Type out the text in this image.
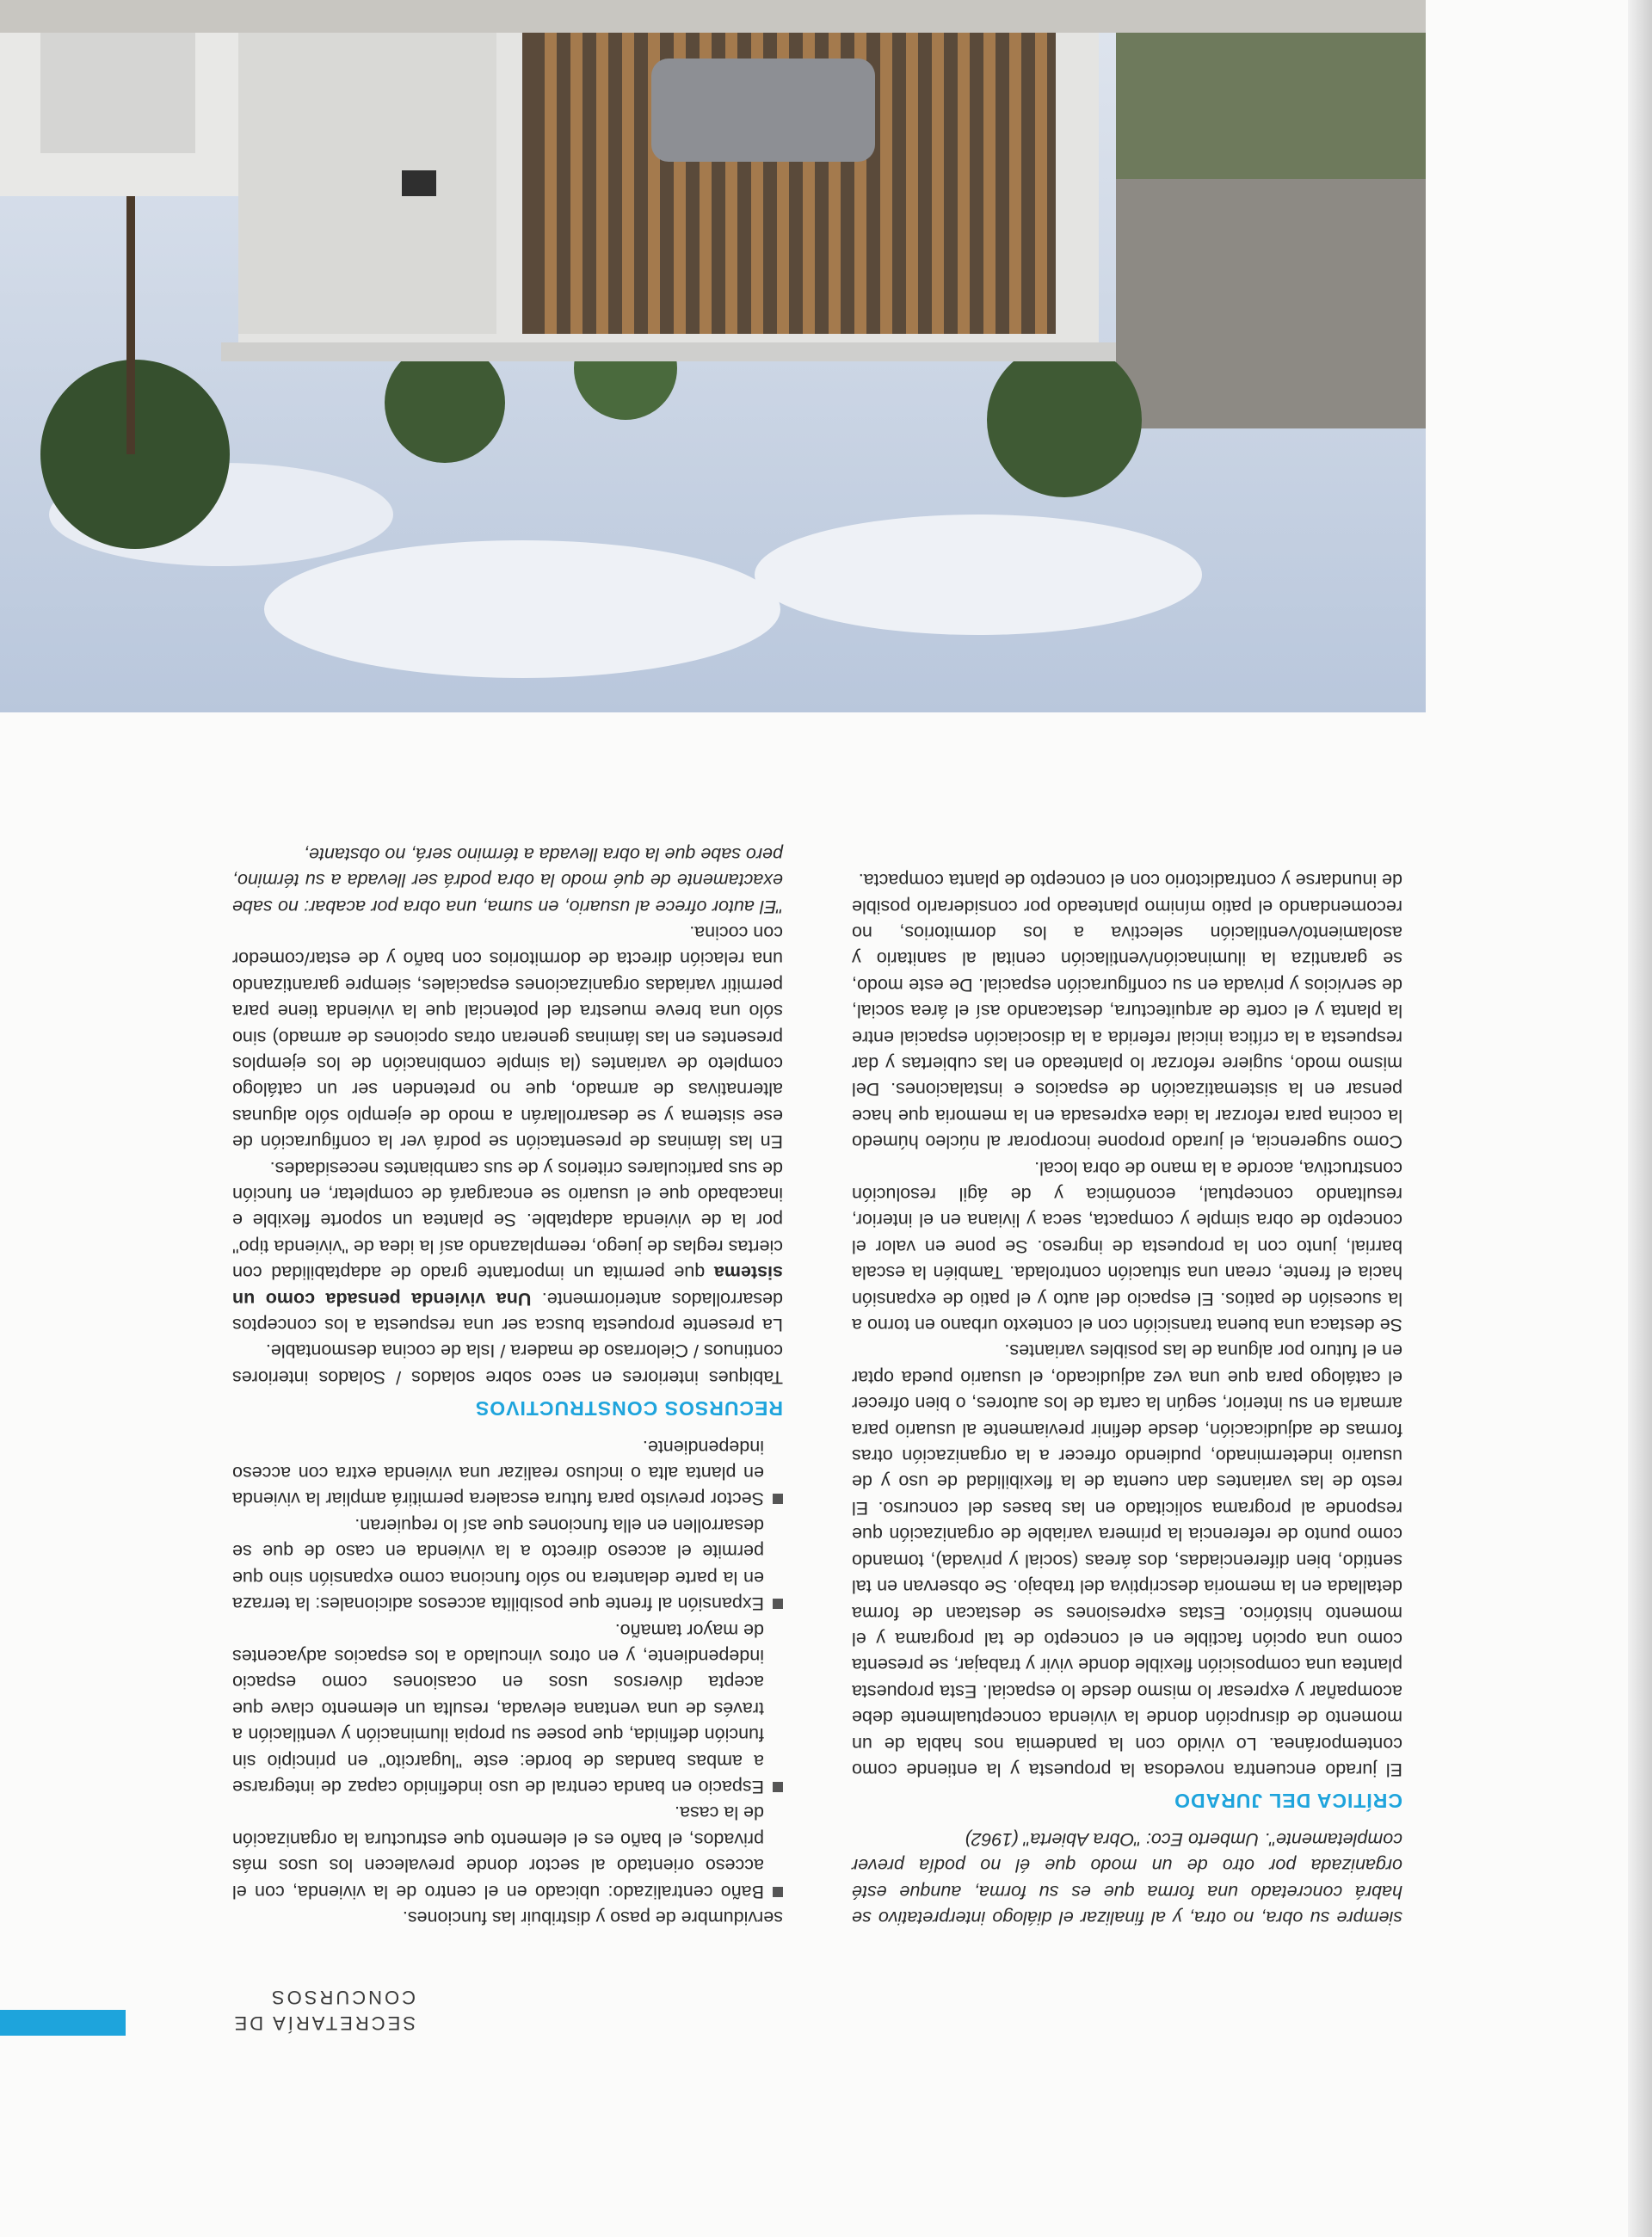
SECRETARÍA DE CONCURSOS

siempre su obra, no otra, y al finalizar el diálogo interpretativo se habrá concretado una forma que es su forma, aunque esté organizada por otro de un modo que él no podía prever completamente". Umberto Eco: "Obra Abierta" (1962)

CRÍTICA DEL JURADO

El jurado encuentra novedosa la propuesta y la entiende como contemporánea. Lo vivido con la pandemia nos habla de un momento de disrupción donde la vivienda conceptualmente debe acompañar y expresar lo mismo desde lo espacial. Esta propuesta plantea una composición flexible donde vivir y trabajar, se presenta como una opción factible en el concepto de tal programa y el momento histórico. Estas expresiones se destacan de forma detallada en la memoria descriptiva del trabajo. Se observan en tal sentido, bien diferenciadas, dos áreas (social y privada), tomando como punto de referencia la primera variable de organización que responde al programa solicitado en las bases del concurso. El resto de las variantes dan cuenta de la flexibilidad de uso y de usuario indeterminado, pudiendo ofrecer a la organización otras formas de adjudicación, desde definir previamente al usuario para armarla en su interior, según la carta de los autores, o bien ofrecer el catálogo para que una vez adjudicado, el usuario pueda optar en el futuro por alguna de las posibles variantes.

Se destaca una buena transición con el contexto urbano en torno a la sucesión de patios. El espacio del auto y el patio de expansión hacia el frente, crean una situación controlada. También la escala barrial, junto con la propuesta de ingreso. Se pone en valor el concepto de obra simple y compacta, seca y liviana en el interior, resultando conceptual, económica y de ágil resolución constructiva, acorde a la mano de obra local.

Como sugerencia, el jurado propone incorporar al núcleo húmedo la cocina para reforzar la idea expresada en la memoria que hace pensar en la sistematización de espacios e instalaciones. Del mismo modo, sugiere reforzar lo planteado en las cubiertas y dar respuesta a la crítica inicial referida a la disociación espacial entre la planta y el corte de arquitectura, destacando así el área social, de servicios y privada en su configuración espacial. De este modo, se garantiza la iluminación/ventilación cenital al sanitario y asolamiento/ventilación selectiva a los dormitorios, no recomendando el patio mínimo planteado por considerarlo posible de inundarse y contradictorio con el concepto de planta compacta.

servidumbre de paso y distribuir las funciones.

Baño centralizado: ubicado en el centro de la vivienda, con el acceso orientado al sector donde prevalecen los usos más privados, el baño es el elemento que estructura la organización de la casa.
Espacio en banda central de uso indefinido capaz de integrarse a ambas bandas de borde: este "lugarcito" en principio sin función definida, que posee su propia iluminación y ventilación a través de una ventana elevada, resulta un elemento clave que acepta diversos usos en ocasiones como espacio independiente, y en otros vinculado a los espacios adyacentes de mayor tamaño.
Expansión al frente que posibilita accesos adicionales: la terraza en la parte delantera no sólo funciona como expansión sino que permite el acceso directo a la vivienda en caso de que se desarrollen en ella funciones que así lo requieran.
Sector previsto para futura escalera permitirá ampliar la vivienda en planta alta o incluso realizar una vivienda extra con acceso independiente.
RECURSOS CONSTRUCTIVOS

Tabiques interiores en seco sobre solados / Solados interiores continuos / Cielorraso de madera / Isla de cocina desmontable.

La presente propuesta busca ser una respuesta a los conceptos desarrollados anteriormente. Una vivienda pensada como un sistema que permita un importante grado de adaptabilidad con ciertas reglas de juego, reemplazando así la idea de "vivienda tipo" por la de vivienda adaptable. Se plantea un soporte flexible e inacabado que el usuario se encargará de completar, en función de sus particulares criterios y de sus cambiantes necesidades.

En las láminas de presentación se podrá ver la configuración de ese sistema y se desarrollarán a modo de ejemplo sólo algunas alternativas de armado, que no pretenden ser un catálogo completo de variantes (la simple combinación de los ejemplos presentes en las láminas generan otras opciones de armado) sino sólo una breve muestra del potencial que la vivienda tiene para permitir variadas organizaciones espaciales, siempre garantizando una relación directa de dormitorios con baño y de estar/comedor con cocina.

"El autor ofrece al usuario, en suma, una obra por acabar: no sabe exactamente de qué modo la obra podrá ser llevada a su término, pero sabe que la obra llevada a término será, no obstante,
